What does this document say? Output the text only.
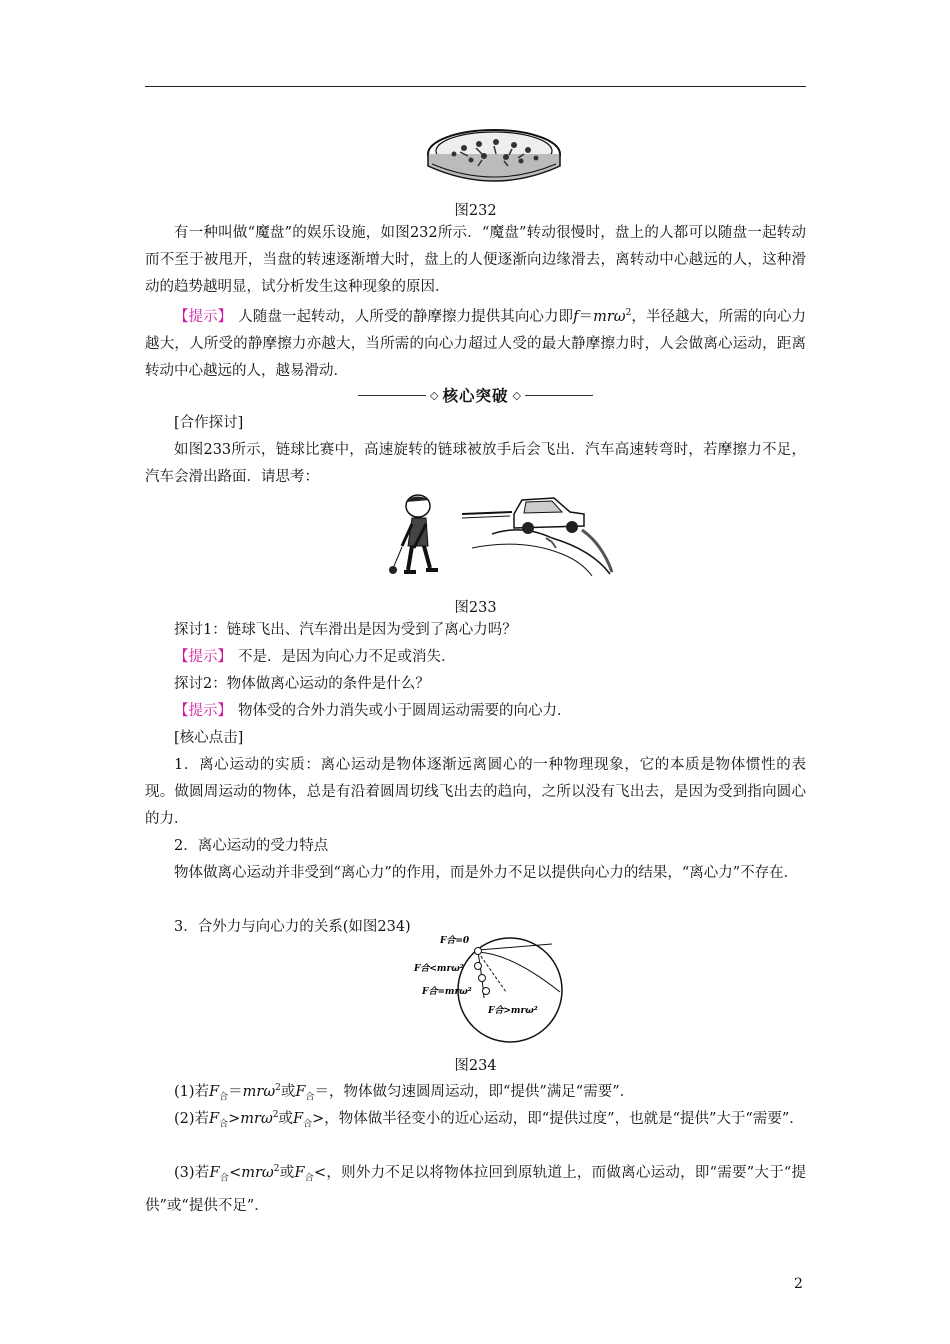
图232
有一种叫做“魔盘”的娱乐设施，如图232所示．“魔盘”转动很慢时，盘上的人都可以随盘一起转动而不至于被甩开，当盘的转速逐渐增大时，盘上的人便逐渐向边缘滑去，离转动中心越远的人，这种滑动的趋势越明显，试分析发生这种现象的原因．
【提示】 人随盘一起转动，人所受的静摩擦力提供其向心力即f＝mrω$^2$，半径越大，所需的向心力越大，人所受的静摩擦力亦越大，当所需的向心力超过人受的最大静摩擦力时，人会做离心运动，距离转动中心越远的人，越易滑动．
◇ 核心突破 ◇
[合作探讨]
如图233所示，链球比赛中，高速旋转的链球被放手后会飞出．汽车高速转弯时，若摩擦力不足，汽车会滑出路面．请思考：
图233
探讨1：链球飞出、汽车滑出是因为受到了离心力吗？
【提示】 不是．是因为向心力不足或消失．
探讨2：物体做离心运动的条件是什么？
【提示】 物体受的合外力消失或小于圆周运动需要的向心力．
[核心点击]
1．离心运动的实质：离心运动是物体逐渐远离圆心的一种物理现象，它的本质是物体惯性的表现。做圆周运动的物体，总是有沿着圆周切线飞出去的趋向，之所以没有飞出去，是因为受到指向圆心的力．
2．离心运动的受力特点
物体做离心运动并非受到“离心力”的作用，而是外力不足以提供向心力的结果，“离心力”不存在．
3．合外力与向心力的关系(如图234)
F合=0
F合<mrω²
F合=mrω²
F合>mrω²
图234
(1)若$F_合=mr\omega^2$或$F_合=$，物体做匀速圆周运动，即“提供”满足“需要”．
(2)若$F_合>mr\omega^2$或$F_合>$，物体做半径变小的近心运动，即“提供过度”，也就是“提供”大于“需要”．
(3)若$F_合<mr\omega^2$或$F_合<$，则外力不足以将物体拉回到原轨道上，而做离心运动，即“需要”大于“提供”或“提供不足”．
2
